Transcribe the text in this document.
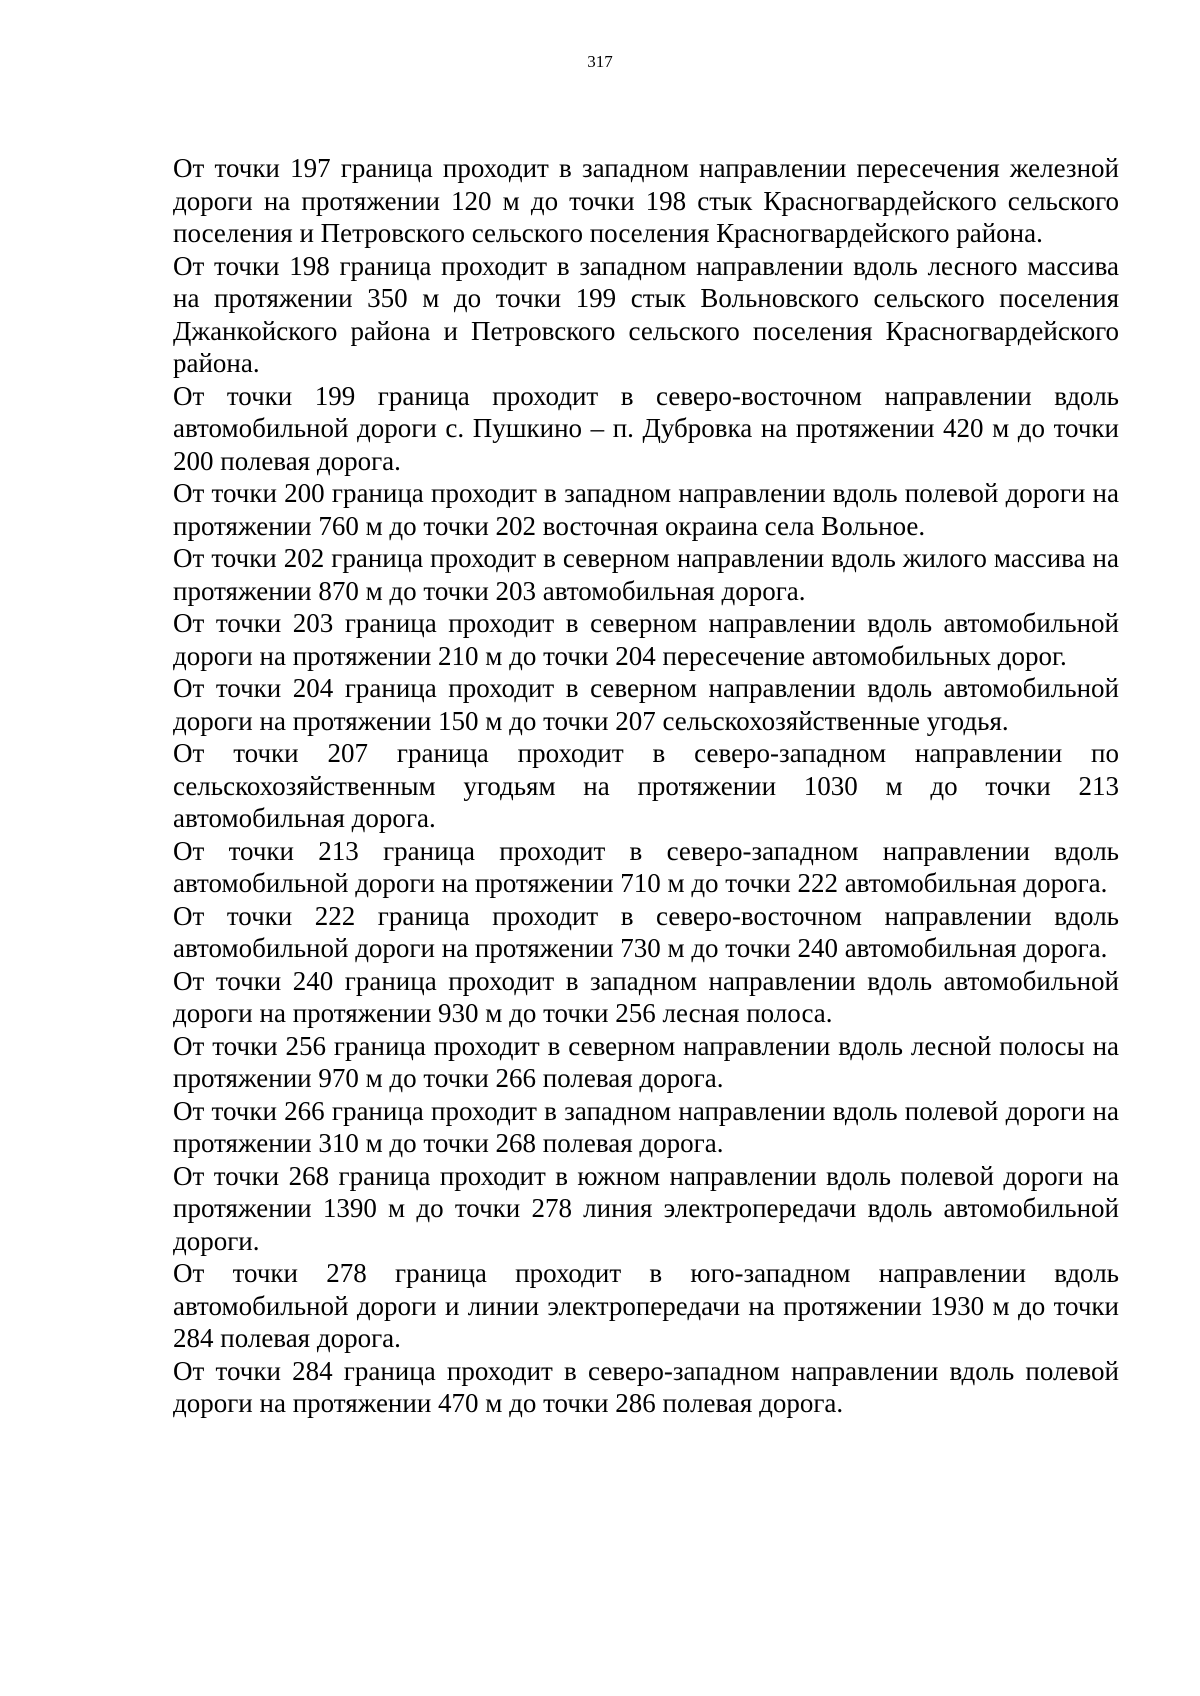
317

От точки 197 граница проходит в западном направлении пересечения железной дороги на протяжении 120 м до точки 198 стык Красногвардейского сельского поселения и Петровского сельского поселения Красногвардейского района.

От точки 198 граница проходит в западном направлении вдоль лесного массива на протяжении 350 м до точки 199 стык Вольновского сельского поселения Джанкойского района и Петровского сельского поселения Красногвардейского района.

От точки 199 граница проходит в северо-восточном направлении вдоль автомобильной дороги с. Пушкино – п. Дубровка на протяжении 420 м до точки 200 полевая дорога.

От точки 200 граница проходит в западном направлении вдоль полевой дороги на протяжении 760 м до точки 202 восточная окраина села Вольное.

От точки 202 граница проходит в северном направлении вдоль жилого массива на протяжении 870 м до точки 203 автомобильная дорога.

От точки 203 граница проходит в северном направлении вдоль автомобильной дороги на протяжении 210 м до точки 204 пересечение автомобильных дорог.

От точки 204 граница проходит в северном направлении вдоль автомобильной дороги на протяжении 150 м до точки 207 сельскохозяйственные угодья.

От точки 207 граница проходит в северо-западном направлении по сельскохозяйственным угодьям на протяжении 1030 м до точки 213 автомобильная дорога.

От точки 213 граница проходит в северо-западном направлении вдоль автомобильной дороги на протяжении 710 м до точки 222 автомобильная дорога.

От точки 222 граница проходит в северо-восточном направлении вдоль автомобильной дороги на протяжении 730 м до точки 240 автомобильная дорога.

От точки 240 граница проходит в западном направлении вдоль автомобильной дороги на протяжении 930 м до точки 256 лесная полоса.

От точки 256 граница проходит в северном направлении вдоль лесной полосы на протяжении 970 м до точки 266 полевая дорога.

От точки 266 граница проходит в западном направлении вдоль полевой дороги на протяжении 310 м до точки 268 полевая дорога.

От точки 268 граница проходит в южном направлении вдоль полевой дороги на протяжении 1390 м до точки 278 линия электропередачи вдоль автомобильной дороги.

От точки 278 граница проходит в юго-западном направлении вдоль автомобильной дороги и линии электропередачи на протяжении 1930 м до точки 284 полевая дорога.

От точки 284 граница проходит в северо-западном направлении вдоль полевой дороги на протяжении 470 м до точки 286 полевая дорога.
